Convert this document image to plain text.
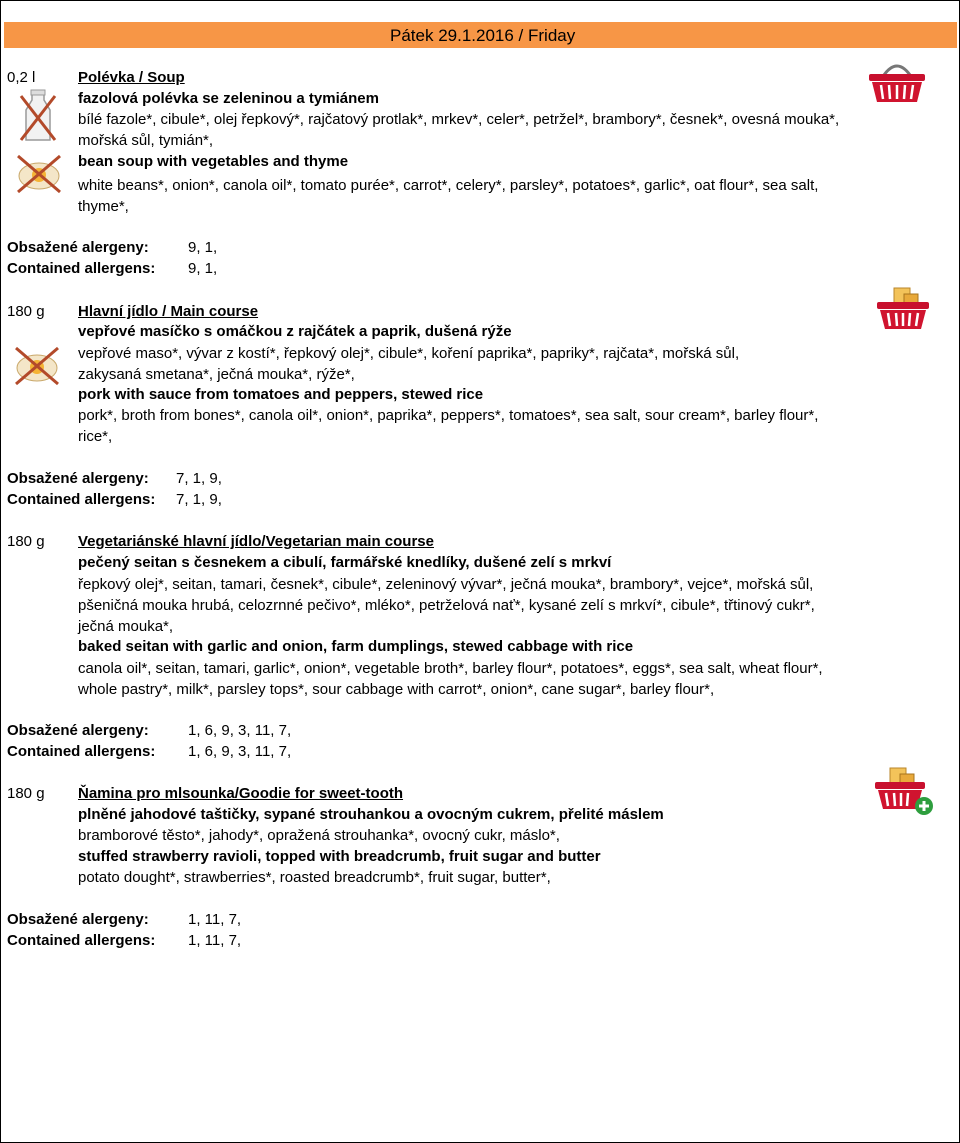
Pátek 29.1.2016 / Friday
0,2 l	Polévka / Soup
fazolová polévka se zeleninou a tymiánem
bílé fazole*, cibule*, olej řepkový*, rajčatový protlak*, mrkev*, celer*, petržel*, brambory*, česnek*, ovesná mouka*,
mořská sůl, tymián*,
bean soup with vegetables and thyme
white beans*, onion*, canola oil*, tomato purée*, carrot*, celery*, parsley*, potatoes*, garlic*, oat flour*, sea salt,
thyme*,
Obsažené alergeny:	9, 1,
Contained allergens: 9, 1,
180 g Hlavní jídlo / Main course
vepřové masíčko s omáčkou z rajčátek a paprik, dušená rýže
vepřové maso*, vývar z kostí*, řepkový olej*, cibule*, koření paprika*, papriky*, rajčata*, mořská sůl,
zakysaná smetana*, ječná mouka*, rýže*,
pork with sauce from tomatoes and peppers, stewed rice
pork*, broth from bones*, canola oil*, onion*, paprika*, peppers*, tomatoes*, sea salt, sour cream*, barley flour*,
rice*,
Obsažené alergeny: 7, 1, 9,
Contained allergens: 7, 1, 9,
180 g Vegetariánské hlavní jídlo/Vegetarian main course
pečený seitan s česnekem a cibulí, farmářské knedlíky, dušené zelí s mrkví
řepkový olej*, seitan, tamari, česnek*, cibule*, zeleninový vývar*, ječná mouka*, brambory*, vejce*, mořská sůl,
pšeničná mouka hrubá, celozrnné pečivo*, mléko*, petrželová nať*, kysané zelí s mrkví*, cibule*, třtinový cukr*,
ječná mouka*,
baked seitan with garlic and onion, farm dumplings, stewed cabbage with rice
canola oil*, seitan, tamari, garlic*, onion*, vegetable broth*, barley flour*, potatoes*, eggs*, sea salt, wheat flour*,
whole pastry*, milk*, parsley tops*, sour cabbage with carrot*, onion*, cane sugar*, barley flour*,
Obsažené alergeny:	1, 6, 9, 3, 11, 7,
Contained allergens: 1, 6, 9, 3, 11, 7,
180 g Ňamina pro mlsounka/Goodie for sweet-tooth
plněné jahodové taštičky, sypané strouhankou a ovocným cukrem, přelité máslem
bramborové těsto*, jahody*, opražená strouhanka*, ovocný cukr, máslo*,
stuffed strawberry ravioli, topped with breadcrumb, fruit sugar and butter
potato dought*, strawberries*, roasted breadcrumb*, fruit sugar, butter*,
Obsažené alergeny:	1, 11, 7,
Contained allergens: 1, 11, 7,
